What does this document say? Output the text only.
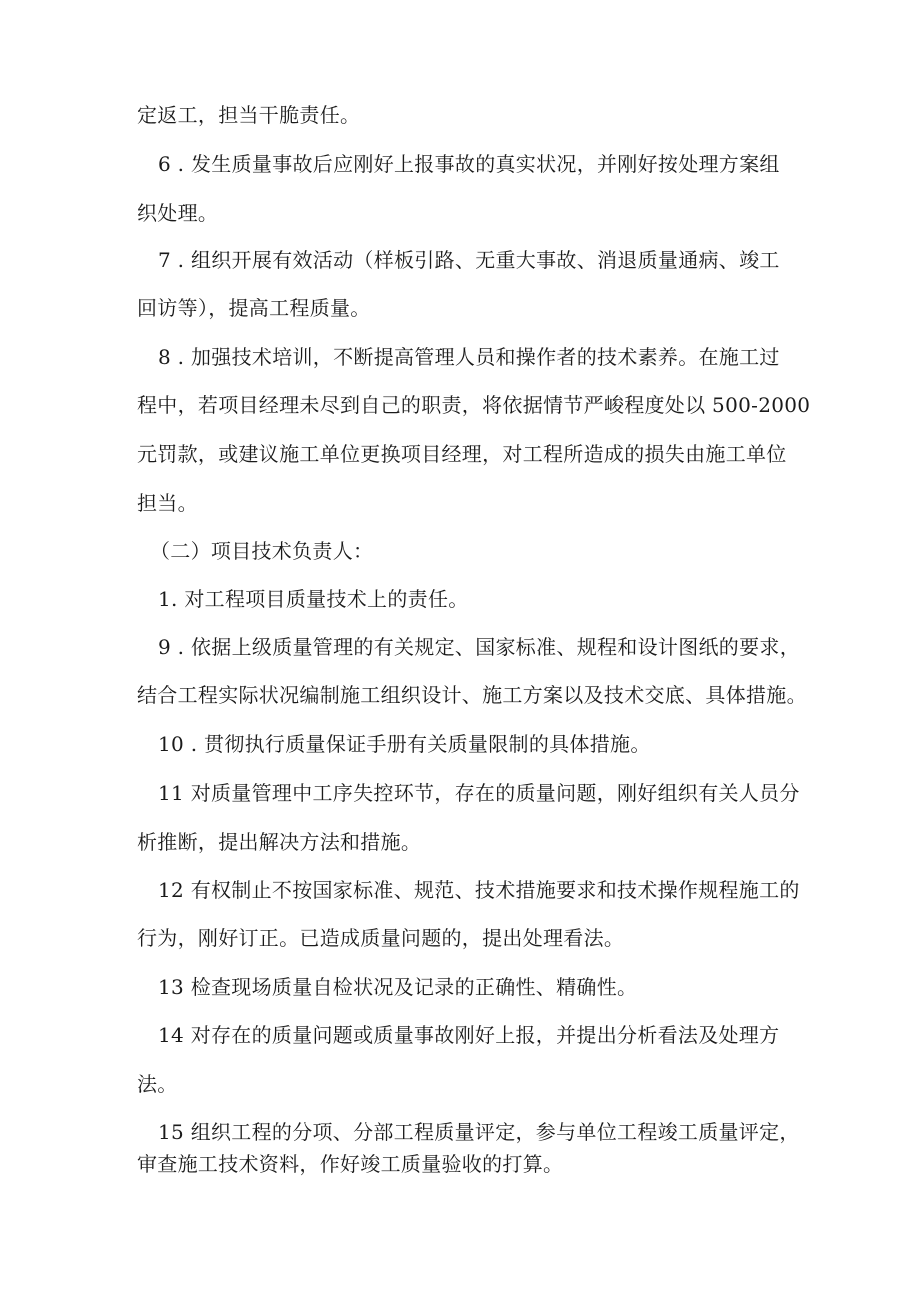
定返工，担当干脆责任。
6 . 发生质量事故后应刚好上报事故的真实状况，并刚好按处理方案组
织处理。
7 . 组织开展有效活动（样板引路、无重大事故、消退质量通病、竣工
回访等），提高工程质量。
8 . 加强技术培训，不断提高管理人员和操作者的技术素养。在施工过
程中，若项目经理未尽到自己的职责，将依据情节严峻程度处以 500-2000
元罚款，或建议施工单位更换项目经理，对工程所造成的损失由施工单位
担当。
（二）项目技术负责人：
1. 对工程项目质量技术上的责任。
9 . 依据上级质量管理的有关规定、国家标准、规程和设计图纸的要求，
结合工程实际状况编制施工组织设计、施工方案以及技术交底、具体措施。
10 . 贯彻执行质量保证手册有关质量限制的具体措施。
11 对质量管理中工序失控环节，存在的质量问题，刚好组织有关人员分
析推断，提出解决方法和措施。
12 有权制止不按国家标准、规范、技术措施要求和技术操作规程施工的
行为，刚好订正。已造成质量问题的，提出处理看法。
13 检查现场质量自检状况及记录的正确性、精确性。
14 对存在的质量问题或质量事故刚好上报，并提出分析看法及处理方
法。
15 组织工程的分项、分部工程质量评定，参与单位工程竣工质量评定，
审查施工技术资料，作好竣工质量验收的打算。
